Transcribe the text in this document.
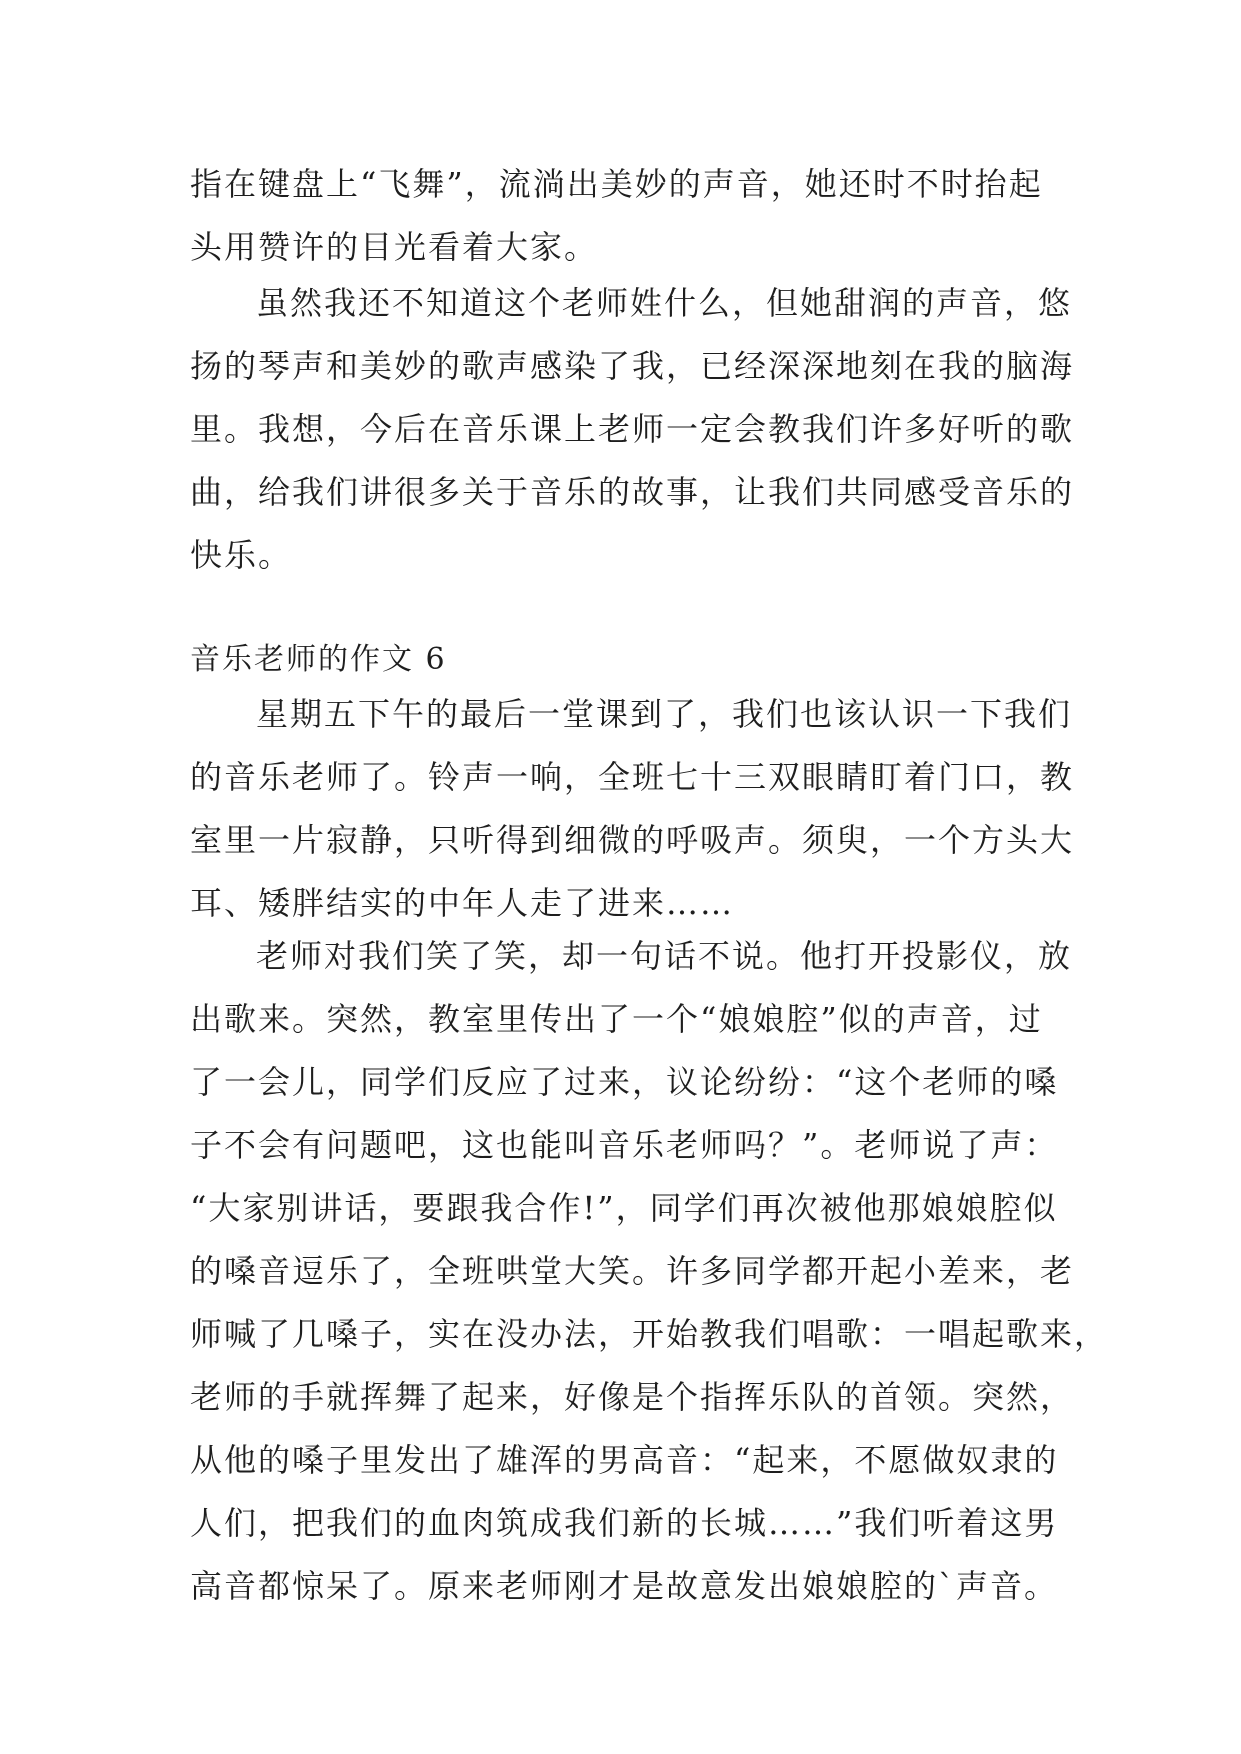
指在键盘上“飞舞”，流淌出美妙的声音，她还时不时抬起
头用赞许的目光看着大家。
虽然我还不知道这个老师姓什么，但她甜润的声音，悠
扬的琴声和美妙的歌声感染了我，已经深深地刻在我的脑海
里。我想，今后在音乐课上老师一定会教我们许多好听的歌
曲，给我们讲很多关于音乐的故事，让我们共同感受音乐的
快乐。
音乐老师的作文 6
星期五下午的最后一堂课到了，我们也该认识一下我们
的音乐老师了。铃声一响，全班七十三双眼睛盯着门口，教
室里一片寂静，只听得到细微的呼吸声。须臾，一个方头大
耳、矮胖结实的中年人走了进来……
老师对我们笑了笑，却一句话不说。他打开投影仪，放
出歌来。突然，教室里传出了一个“娘娘腔”似的声音，过
了一会儿，同学们反应了过来，议论纷纷：“这个老师的嗓
子不会有问题吧，这也能叫音乐老师吗？”。老师说了声：
“大家别讲话，要跟我合作!”，同学们再次被他那娘娘腔似
的嗓音逗乐了，全班哄堂大笑。许多同学都开起小差来，老
师喊了几嗓子，实在没办法，开始教我们唱歌：一唱起歌来，
老师的手就挥舞了起来，好像是个指挥乐队的首领。突然，
从他的嗓子里发出了雄浑的男高音：“起来，不愿做奴隶的
人们，把我们的血肉筑成我们新的长城……”我们听着这男
高音都惊呆了。原来老师刚才是故意发出娘娘腔的`声音。
